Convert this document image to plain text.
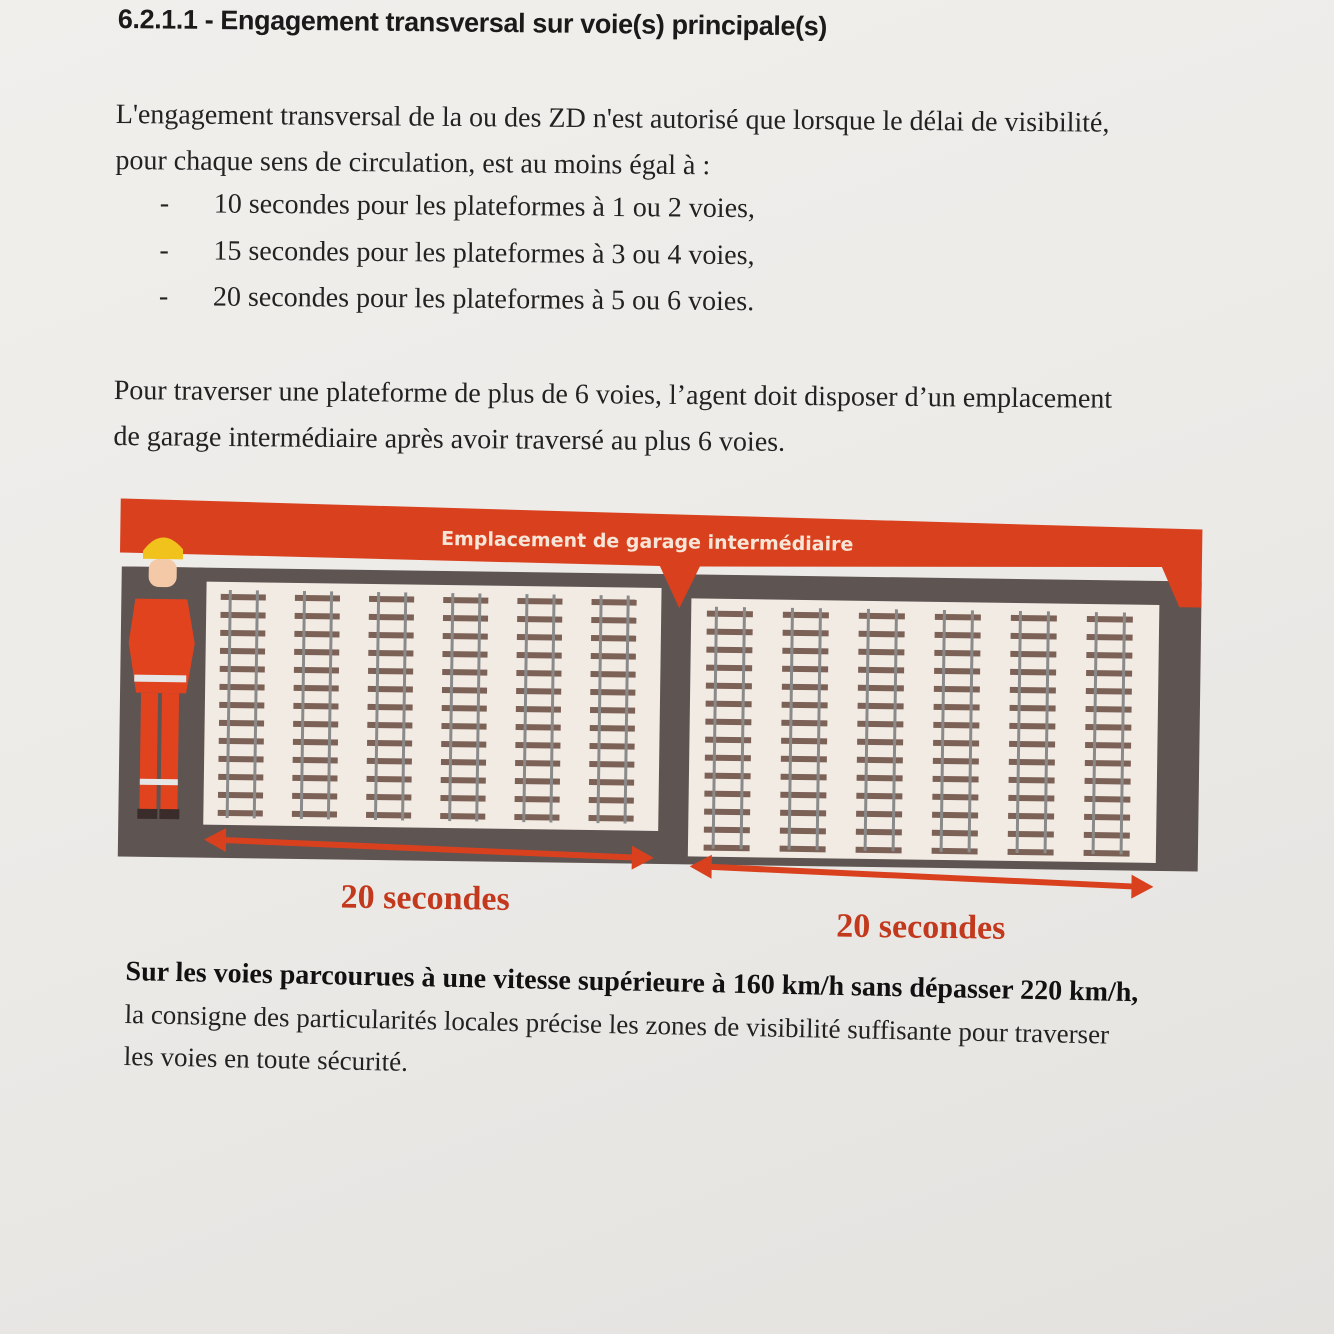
6.2.1.1 - Engagement transversal sur voie(s) principale(s)

L'engagement transversal de la ou des ZD n'est autorisé que lorsque le délai de visibilité,
pour chaque sens de circulation, est au moins égal à :

-	10 secondes pour les plateformes à 1 ou 2 voies,
-	15 secondes pour les plateformes à 3 ou 4 voies,
-	20 secondes pour les plateformes à 5 ou 6 voies.

Pour traverser une plateforme de plus de 6 voies, l’agent doit disposer d’un emplacement
de garage intermédiaire après avoir traversé au plus 6 voies.

Emplacement de garage intermédiaire
20 secondes
20 secondes

Sur les voies parcourues à une vitesse supérieure à 160 km/h sans dépasser 220 km/h,
la consigne des particularités locales précise les zones de visibilité suffisante pour traverser
les voies en toute sécurité.
